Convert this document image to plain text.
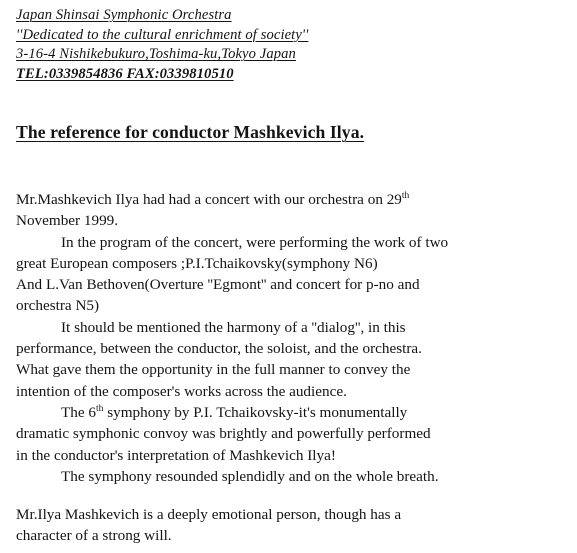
Japan Shinsai Symphonic Orchestra
''Dedicated to the cultural enrichment of society''
3-16-4 Nishikebukuro,Toshima-ku,Tokyo Japan
TEL:0339854836 FAX:0339810510
The reference for conductor Mashkevich Ilya.
Mr.Mashkevich Ilya had had a concert with our orchestra on 29th
November 1999.
In the program of the concert, were performing the work of two
great European composers ;P.I.Tchaikovsky(symphony N6)
And L.Van Bethoven(Overture ''Egmont'' and concert for p-no and
orchestra N5)
It should be mentioned the harmony of a ''dialog'', in this
performance, between the conductor, the soloist, and the orchestra.
What gave them the opportunity in the full manner to convey the
intention of the composer's works across the audience.
The 6th symphony by P.I. Tchaikovsky-it's monumentally
dramatic symphonic convoy was brightly and powerfully performed
in the conductor's interpretation of Mashkevich Ilya!
The symphony resounded splendidly and on the whole breath.
Mr.Ilya Mashkevich is a deeply emotional person, though has a
character of a strong will.
